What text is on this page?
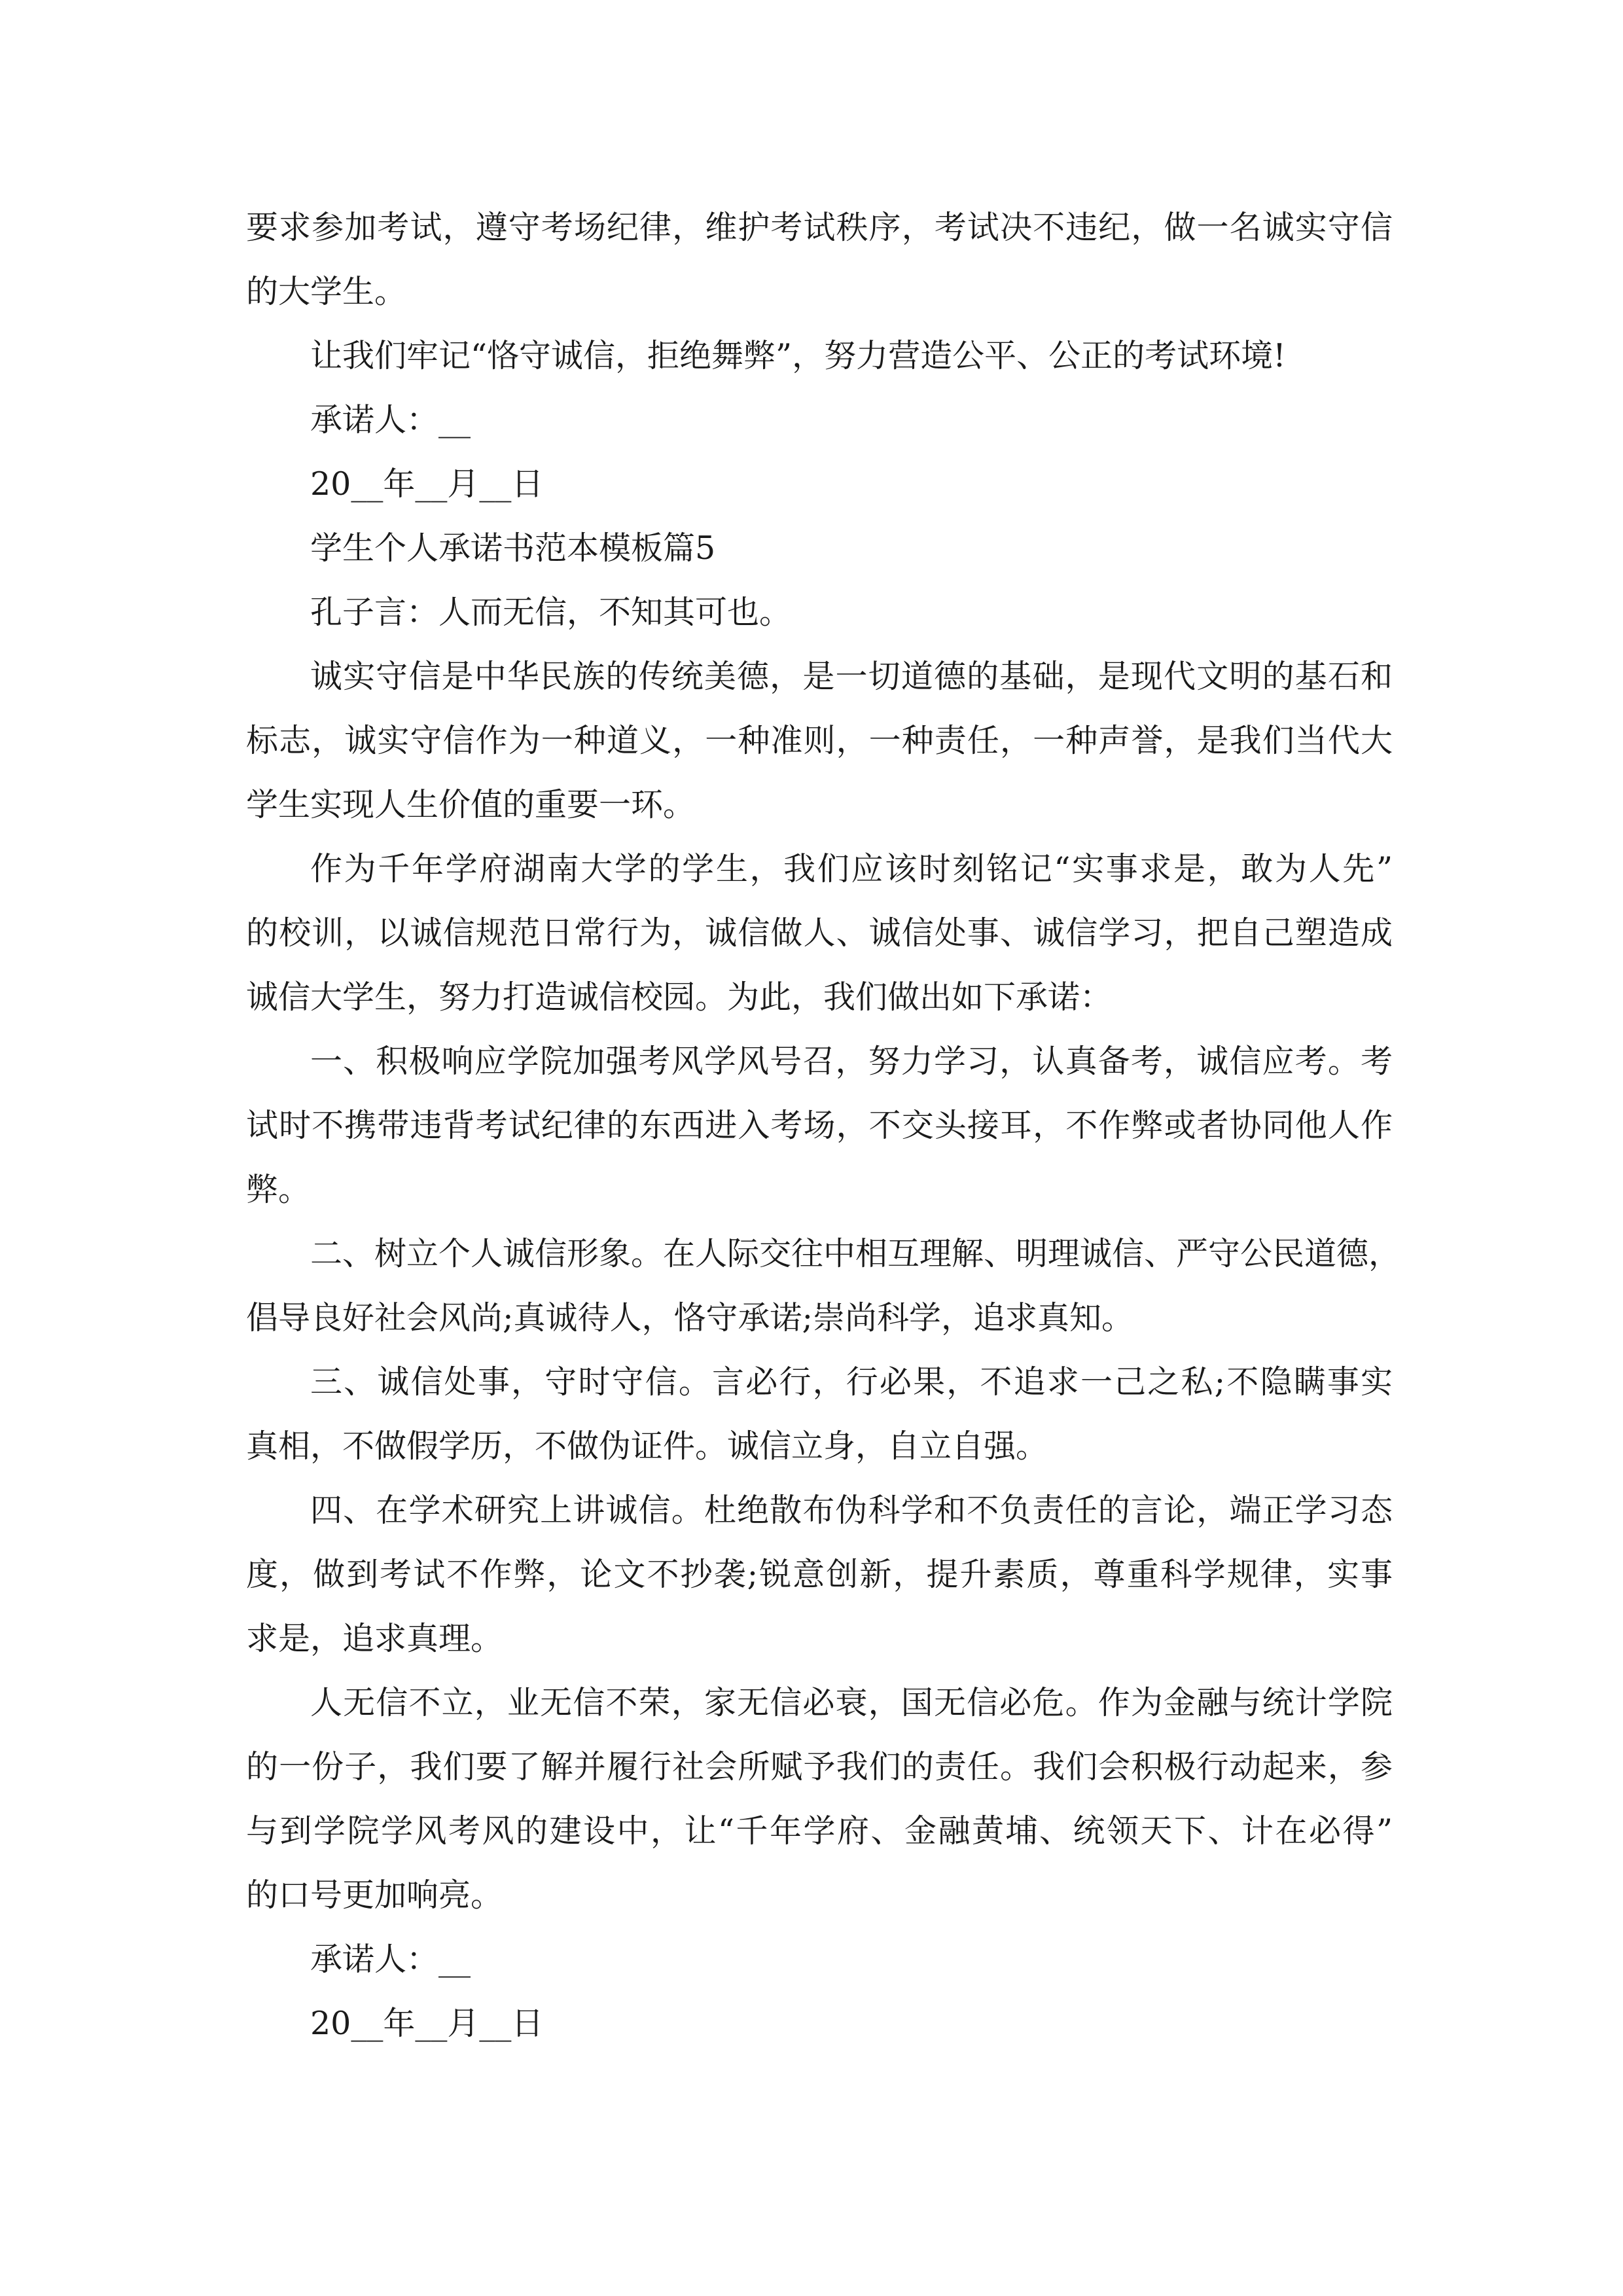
要求参加考试，遵守考场纪律，维护考试秩序，考试决不违纪，做一名诚实守信
的大学生。
让我们牢记“恪守诚信，拒绝舞弊”，努力营造公平、公正的考试环境!
承诺人：__
20__年__月__日
学生个人承诺书范本模板篇5
孔子言：人而无信，不知其可也。
诚实守信是中华民族的传统美德，是一切道德的基础，是现代文明的基石和
标志，诚实守信作为一种道义，一种准则，一种责任，一种声誉，是我们当代大
学生实现人生价值的重要一环。
作为千年学府湖南大学的学生，我们应该时刻铭记“实事求是，敢为人先”
的校训，以诚信规范日常行为，诚信做人、诚信处事、诚信学习，把自己塑造成
诚信大学生，努力打造诚信校园。为此，我们做出如下承诺：
一、积极响应学院加强考风学风号召，努力学习，认真备考，诚信应考。考
试时不携带违背考试纪律的东西进入考场，不交头接耳，不作弊或者协同他人作
弊。
二、树立个人诚信形象。在人际交往中相互理解、明理诚信、严守公民道德，
倡导良好社会风尚;真诚待人，恪守承诺;崇尚科学，追求真知。
三、诚信处事，守时守信。言必行，行必果，不追求一己之私;不隐瞒事实
真相，不做假学历，不做伪证件。诚信立身，自立自强。
四、在学术研究上讲诚信。杜绝散布伪科学和不负责任的言论，端正学习态
度，做到考试不作弊，论文不抄袭;锐意创新，提升素质，尊重科学规律，实事
求是，追求真理。
人无信不立，业无信不荣，家无信必衰，国无信必危。作为金融与统计学院
的一份子，我们要了解并履行社会所赋予我们的责任。我们会积极行动起来，参
与到学院学风考风的建设中，让“千年学府、金融黄埔、统领天下、计在必得”
的口号更加响亮。
承诺人：__
20__年__月__日
